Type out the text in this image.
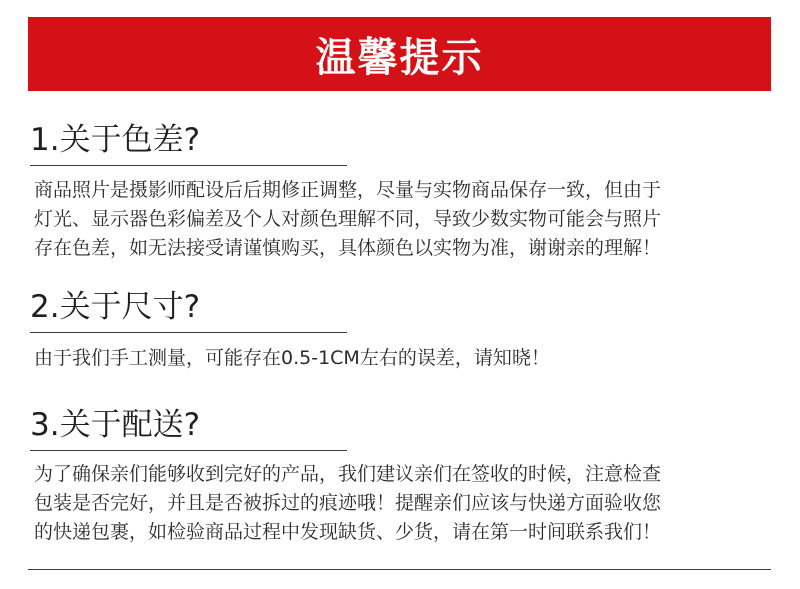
温馨提示
1.关于色差?
商品照片是摄影师配设后后期修正调整，尽量与实物商品保存一致，但由于
灯光、显示器色彩偏差及个人对颜色理解不同，导致少数实物可能会与照片
存在色差，如无法接受请谨慎购买，具体颜色以实物为准，谢谢亲的理解！
2.关于尺寸?
由于我们手工测量，可能存在0.5-1CM左右的误差，请知晓！
3.关于配送?
为了确保亲们能够收到完好的产品，我们建议亲们在签收的时候，注意检查
包装是否完好，并且是否被拆过的痕迹哦！提醒亲们应该与快递方面验收您
的快递包裹，如检验商品过程中发现缺货、少货，请在第一时间联系我们！
